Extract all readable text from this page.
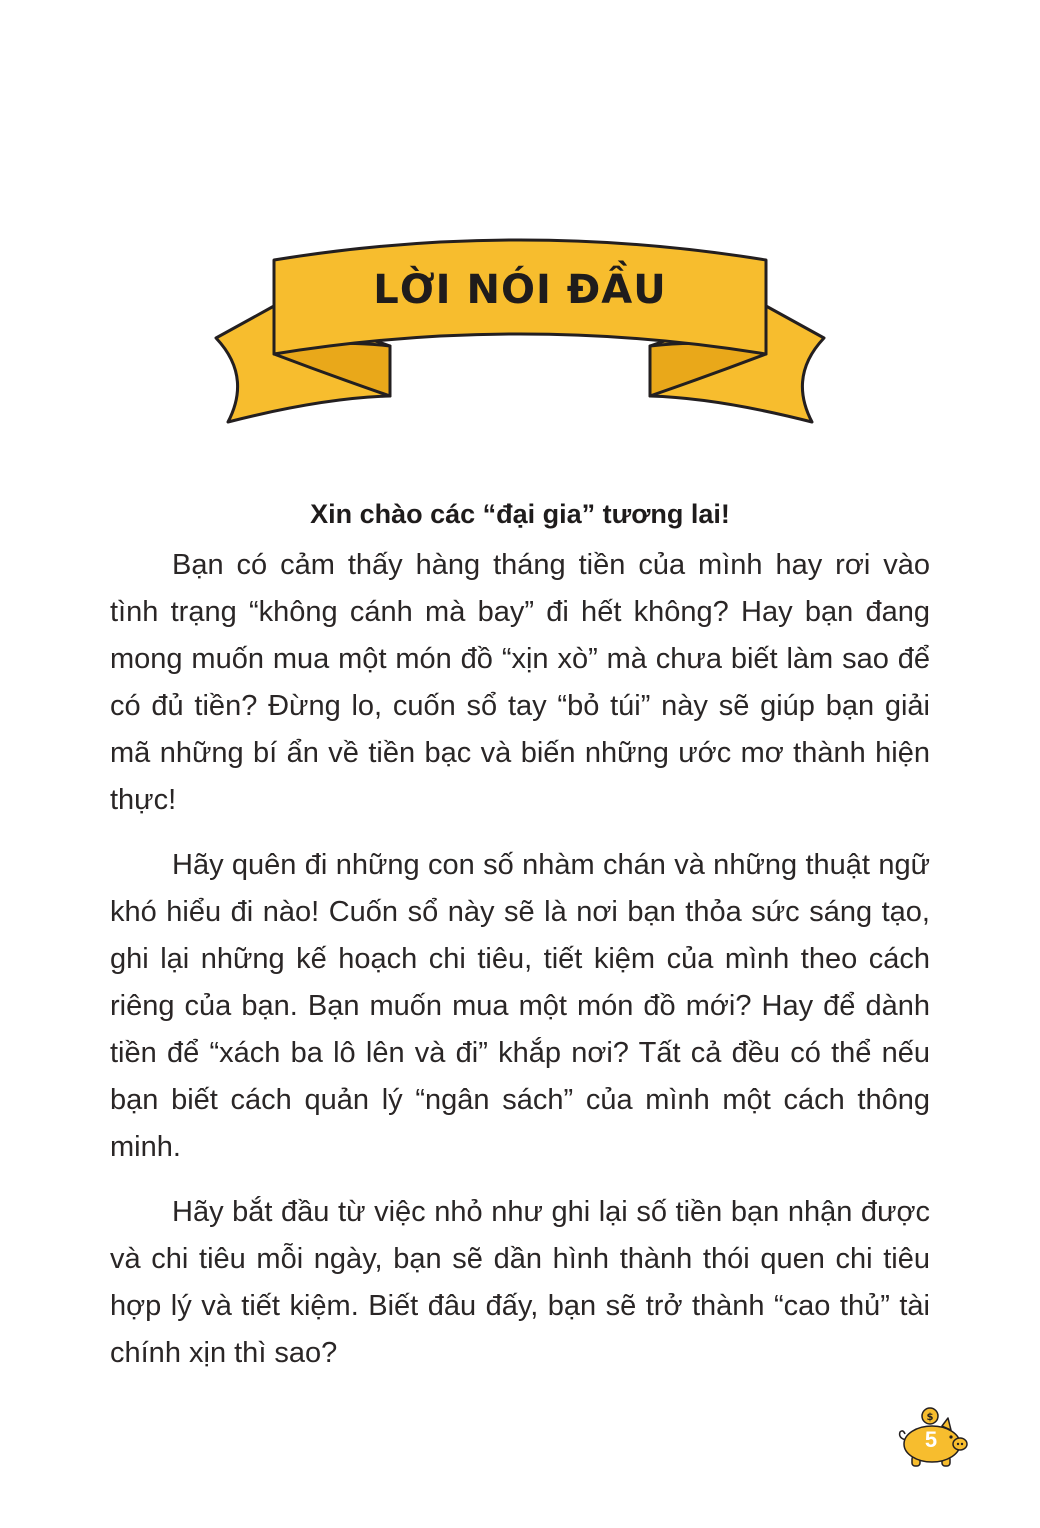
LỜI NÓI ĐẦU

Xin chào các “đại gia” tương lai!

Bạn có cảm thấy hàng tháng tiền của mình hay rơi vào tình trạng “không cánh mà bay” đi hết không? Hay bạn đang mong muốn mua một món đồ “xịn xò” mà chưa biết làm sao để có đủ tiền? Đừng lo, cuốn sổ tay “bỏ túi” này sẽ giúp bạn giải mã những bí ẩn về tiền bạc và biến những ước mơ thành hiện thực!

Hãy quên đi những con số nhàm chán và những thuật ngữ khó hiểu đi nào! Cuốn sổ này sẽ là nơi bạn thỏa sức sáng tạo, ghi lại những kế hoạch chi tiêu, tiết kiệm của mình theo cách riêng của bạn. Bạn muốn mua một món đồ mới? Hay để dành tiền để “xách ba lô lên và đi” khắp nơi? Tất cả đều có thể nếu bạn biết cách quản lý “ngân sách” của mình một cách thông minh.

Hãy bắt đầu từ việc nhỏ như ghi lại số tiền bạn nhận được và chi tiêu mỗi ngày, bạn sẽ dần hình thành thói quen chi tiêu hợp lý và tiết kiệm. Biết đâu đấy, bạn sẽ trở thành “cao thủ” tài chính xịn thì sao?

$
5
